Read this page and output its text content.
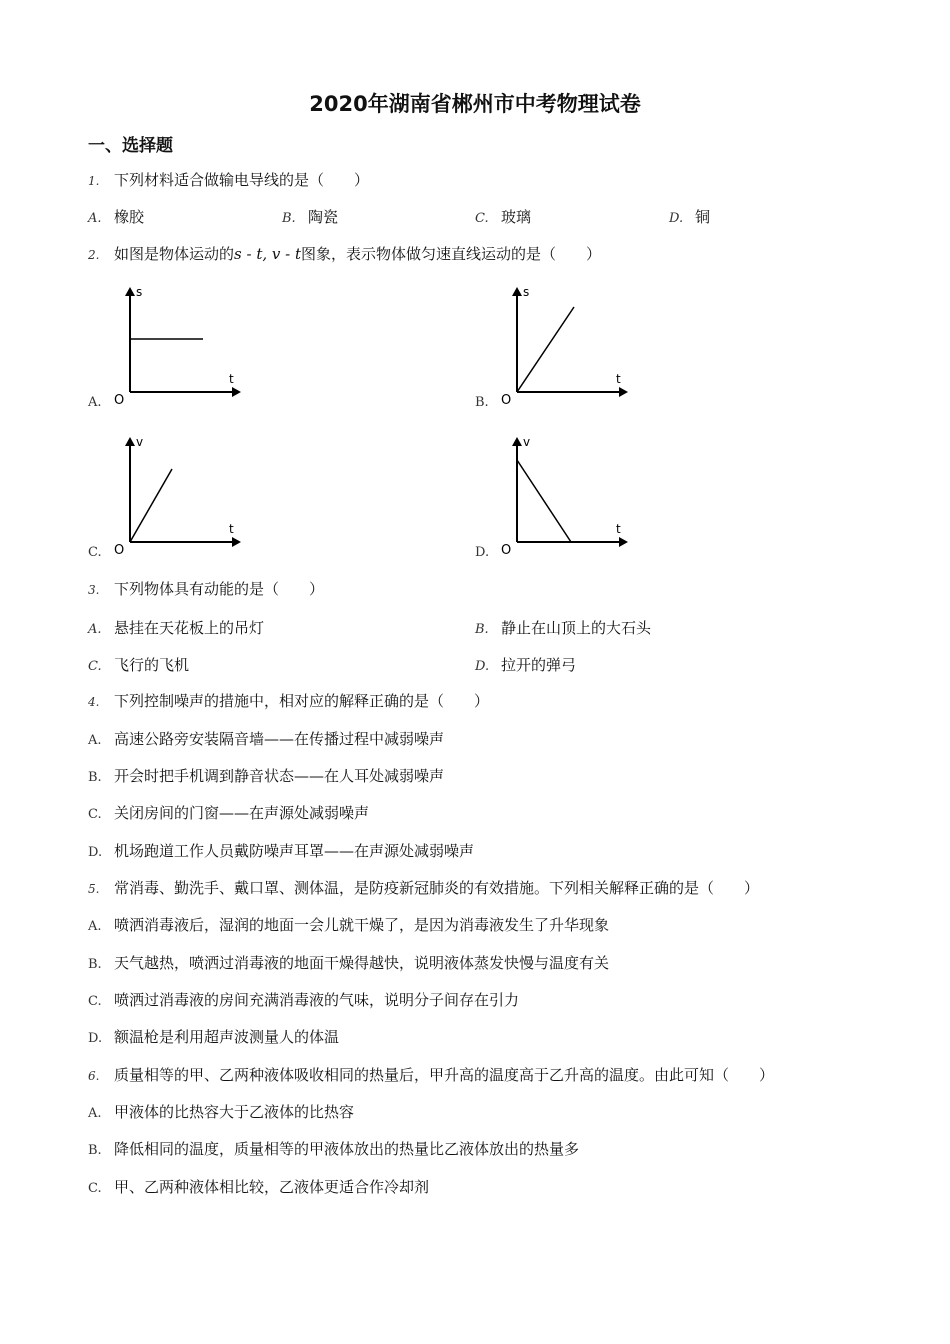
2020年湖南省郴州市中考物理试卷
一、选择题
1. 下列材料适合做输电导线的是（　　）
A. 橡胶	B. 陶瓷	C. 玻璃	D. 铜
2. 如图是物体运动的s - t, v - t图象，表示物体做匀速直线运动的是（　　）
A.
s
t
O	B.
s
t
O
C.
v
t
O	D.
v
t
O
3. 下列物体具有动能的是（　　）
A. 悬挂在天花板上的吊灯	B. 静止在山顶上的大石头
C. 飞行的飞机	D. 拉开的弹弓
4. 下列控制噪声的措施中，相对应的解释正确的是（　　）
A. 高速公路旁安装隔音墙——在传播过程中减弱噪声
B. 开会时把手机调到静音状态——在人耳处减弱噪声
C. 关闭房间的门窗——在声源处减弱噪声
D. 机场跑道工作人员戴防噪声耳罩——在声源处减弱噪声
5. 常消毒、勤洗手、戴口罩、测体温，是防疫新冠肺炎的有效措施。下列相关解释正确的是（　　）
A. 喷洒消毒液后，湿润的地面一会儿就干燥了，是因为消毒液发生了升华现象
B. 天气越热，喷洒过消毒液的地面干燥得越快，说明液体蒸发快慢与温度有关
C. 喷洒过消毒液的房间充满消毒液的气味，说明分子间存在引力
D. 额温枪是利用超声波测量人的体温
6. 质量相等的甲、乙两种液体吸收相同的热量后，甲升高的温度高于乙升高的温度。由此可知（　　）
A. 甲液体的比热容大于乙液体的比热容
B. 降低相同的温度，质量相等的甲液体放出的热量比乙液体放出的热量多
C. 甲、乙两种液体相比较，乙液体更适合作冷却剂
